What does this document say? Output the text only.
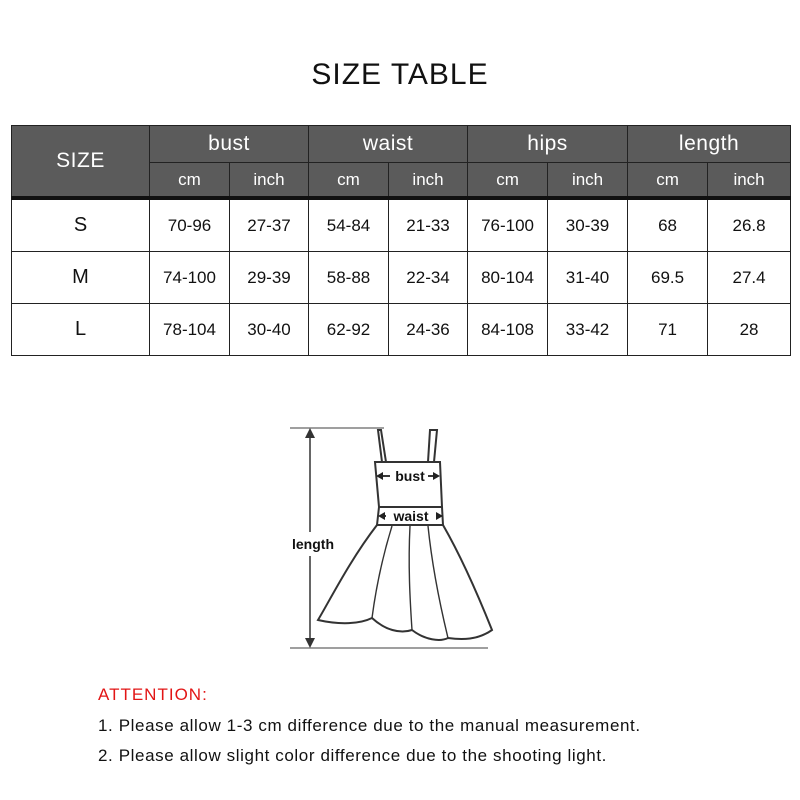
SIZE TABLE
SIZE	bust		waist		hips		length	
	cm	inch	cm	inch	cm	inch	cm	inch
S	70-96	27-37	54-84	21-33	76-100	30-39	68	26.8
M	74-100	29-39	58-88	22-34	80-104	31-40	69.5	27.4
L	78-104	30-40	62-92	24-36	84-108	33-42	71	28
bust
waist
length
ATTENTION:
1. Please allow 1-3 cm difference due to the manual measurement.
2. Please allow slight color difference due to the shooting light.
